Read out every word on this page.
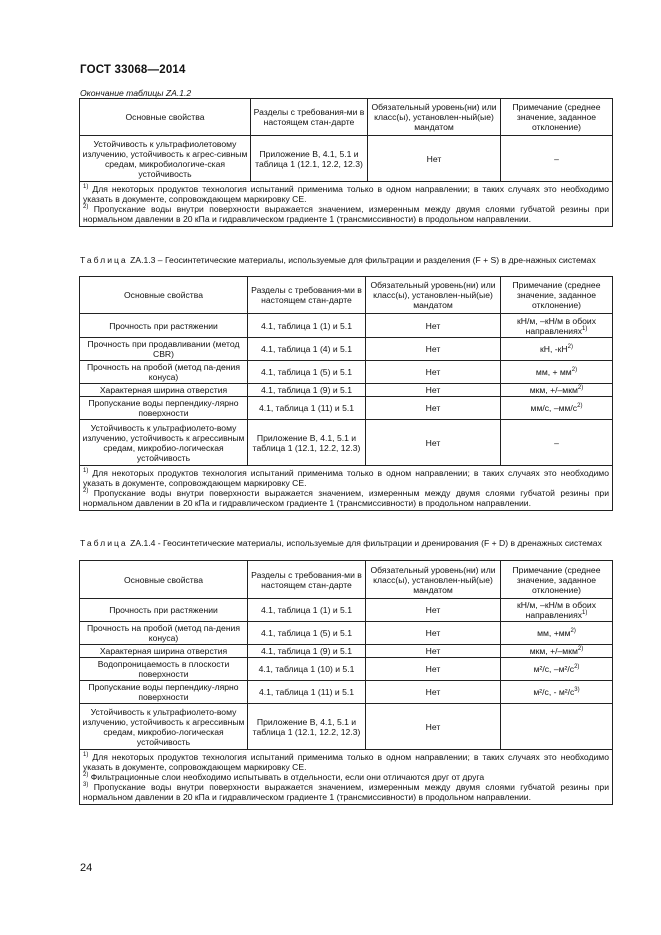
ГОСТ 33068—2014
Окончание таблицы ZA.1.2
Основные свойства	Разделы с требования-ми в настоящем стан-дарте	Обязательный уровень(ни) или класс(ы), установлен-ный(ые) мандатом	Примечание (среднее значение, заданное отклонение)
Устойчивость к ультрафиолетовому излучению, устойчивость к агрес-сивным средам, микробиологиче-ская устойчивость	Приложение В, 4.1, 5.1 и таблица 1 (12.1, 12.2, 12.3)	Нет	–

$^{1)}$ Для некоторых продуктов технология испытаний применима только в одном направлении; в таких случаях это необходимо указать в документе, сопровождающем маркировку СЕ.
$^{2)}$ Пропускание воды внутри поверхности выражается значением, измеренным между двумя слоями губчатой резины при нормальном давлении в 20 кПа и гидравлическом градиенте 1 (трансмиссивности) в продольном направлении.			
Таблица ZA.1.3 – Геосинтетические материалы, используемые для фильтрации и разделения (F + S) в дре-нажных системах
Основные свойства	Разделы с требования-ми в настоящем стан-дарте	Обязательный уровень(ни) или класс(ы), установлен-ный(ые) мандатом	Примечание (среднее значение, заданное отклонение)
Прочность при растяжении	4.1, таблица 1 (1) и 5.1	Нет	кН/м, –кН/м в обоих направлениях$^{1)}$
Прочность при продавливании (метод CBR)	4.1, таблица 1 (4) и 5.1	Нет	кН, $-кН^{2)}$
Прочность на пробой (метод па-дения конуса)	4.1, таблица 1 (5) и 5.1	Нет	мм, + $мм^{2)}$
Характерная ширина отверстия	4.1, таблица 1 (9) и 5.1	Нет	мкм, +/–мкм$^{2)}$
Пропускание воды перпендику-лярно поверхности	4.1, таблица 1 (11) и 5.1	Нет	мм/с, $-мм/с^{2)}$
Устойчивость к ультрафиолето-вому излучению, устойчивость к агрессивным средам, микробио-логическая устойчивость	Приложение В, 4.1, 5.1 и таблица 1 (12.1, 12.2, 12.3)	Нет	–

$^{1)}$ Для некоторых продуктов технология испытаний применима только в одном направлении; в таких случаях это необходимо указать в документе, сопровождающем маркировку СЕ.
$^{2)}$ Пропускание воды внутри поверхности выражается значением, измеренным между двумя слоями губчатой резины при нормальном давлении в 20 кПа и гидравлическом градиенте 1 (трансмиссивности) в продольном направлении.			
Таблица ZA.1.4 - Геосинтетические материалы, используемые для фильтрации и дренирования (F + D) в дренажных системах
Основные свойства	Разделы с требования-ми в настоящем стан-дарте	Обязательный уровень(ни) или класс(ы), установлен-ный(ые) мандатом	Примечание (среднее значение, заданное отклонение)
Прочность при растяжении	4.1, таблица 1 (1) и 5.1	Нет	кН/м, –кН/м в обоих направлениях$^{1)}$
Прочность на пробой (метод па-дения конуса)	4.1, таблица 1 (5) и 5.1	Нет	мм, $+мм^{2)}$
Характерная ширина отверстия	4.1, таблица 1 (9) и 5.1	Нет	мкм, +/–мкм$^{2)}$
Водопроницаемость в плоскости поверхности	4.1, таблица 1 (10) и 5.1	Нет	м²/с, $-м^2/с^{2)}$
Пропускание воды перпендику-лярно поверхности	4.1, таблица 1 (11) и 5.1	Нет	м²/с, - $м^2/с^{3)}$
Устойчивость к ультрафиолето-вому излучению, устойчивость к агрессивным средам, микробио-логическая устойчивость	Приложение В, 4.1, 5.1 и таблица 1 (12.1, 12.2, 12.3)	Нет	

$^{1)}$ Для некоторых продуктов технология испытаний применима только в одном направлении; в таких случаях это необходимо указать в документе, сопровождающем маркировку СЕ.
$^{2)}$ Фильтрационные слои необходимо испытывать в отдельности, если они отличаются друг от друга
$^{3)}$ Пропускание воды внутри поверхности выражается значением, измеренным между двумя слоями губчатой резины при нормальном давлении в 20 кПа и гидравлическом градиенте 1 (трансмиссивности) в продольном направлении.			
24
